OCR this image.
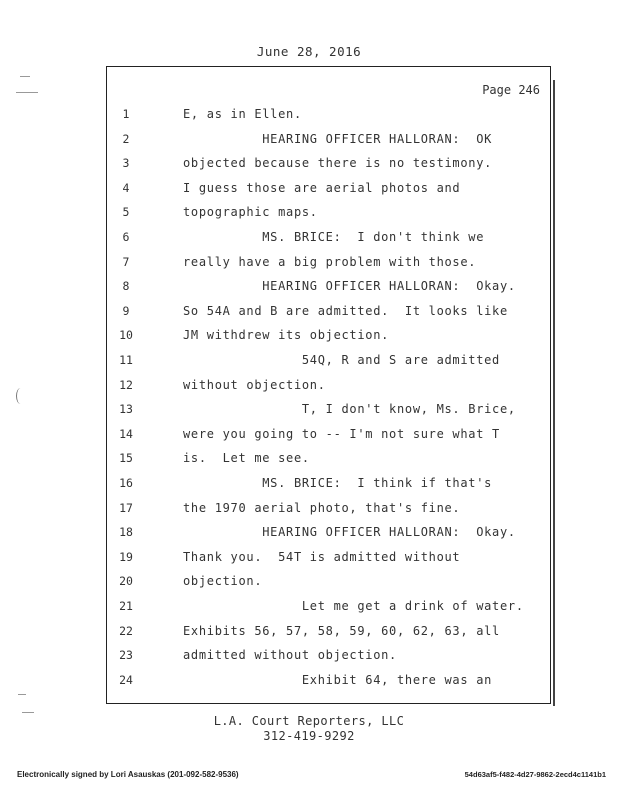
June 28, 2016
Page 246
1	E, as in Ellen.
2	HEARING OFFICER HALLORAN:  OK
3	objected because there is no testimony.
4	I guess those are aerial photos and
5	topographic maps.
6	MS. BRICE:  I don't think we
7	really have a big problem with those.
8	HEARING OFFICER HALLORAN:  Okay.
9	So 54A and B are admitted.  It looks like
10	JM withdrew its objection.
11	54Q, R and S are admitted
12	without objection.
13	T, I don't know, Ms. Brice,
14	were you going to -- I'm not sure what T
15	is.  Let me see.
16	MS. BRICE:  I think if that's
17	the 1970 aerial photo, that's fine.
18	HEARING OFFICER HALLORAN:  Okay.
19	Thank you.  54T is admitted without
20	objection.
21	Let me get a drink of water.
22	Exhibits 56, 57, 58, 59, 60, 62, 63, all
23	admitted without objection.
24	Exhibit 64, there was an
L.A. Court Reporters, LLC
312-419-9292
Electronically signed by Lori Asauskas (201-092-582-9536)	54d63af5-f482-4d27-9862-2ecd4c1141b1
